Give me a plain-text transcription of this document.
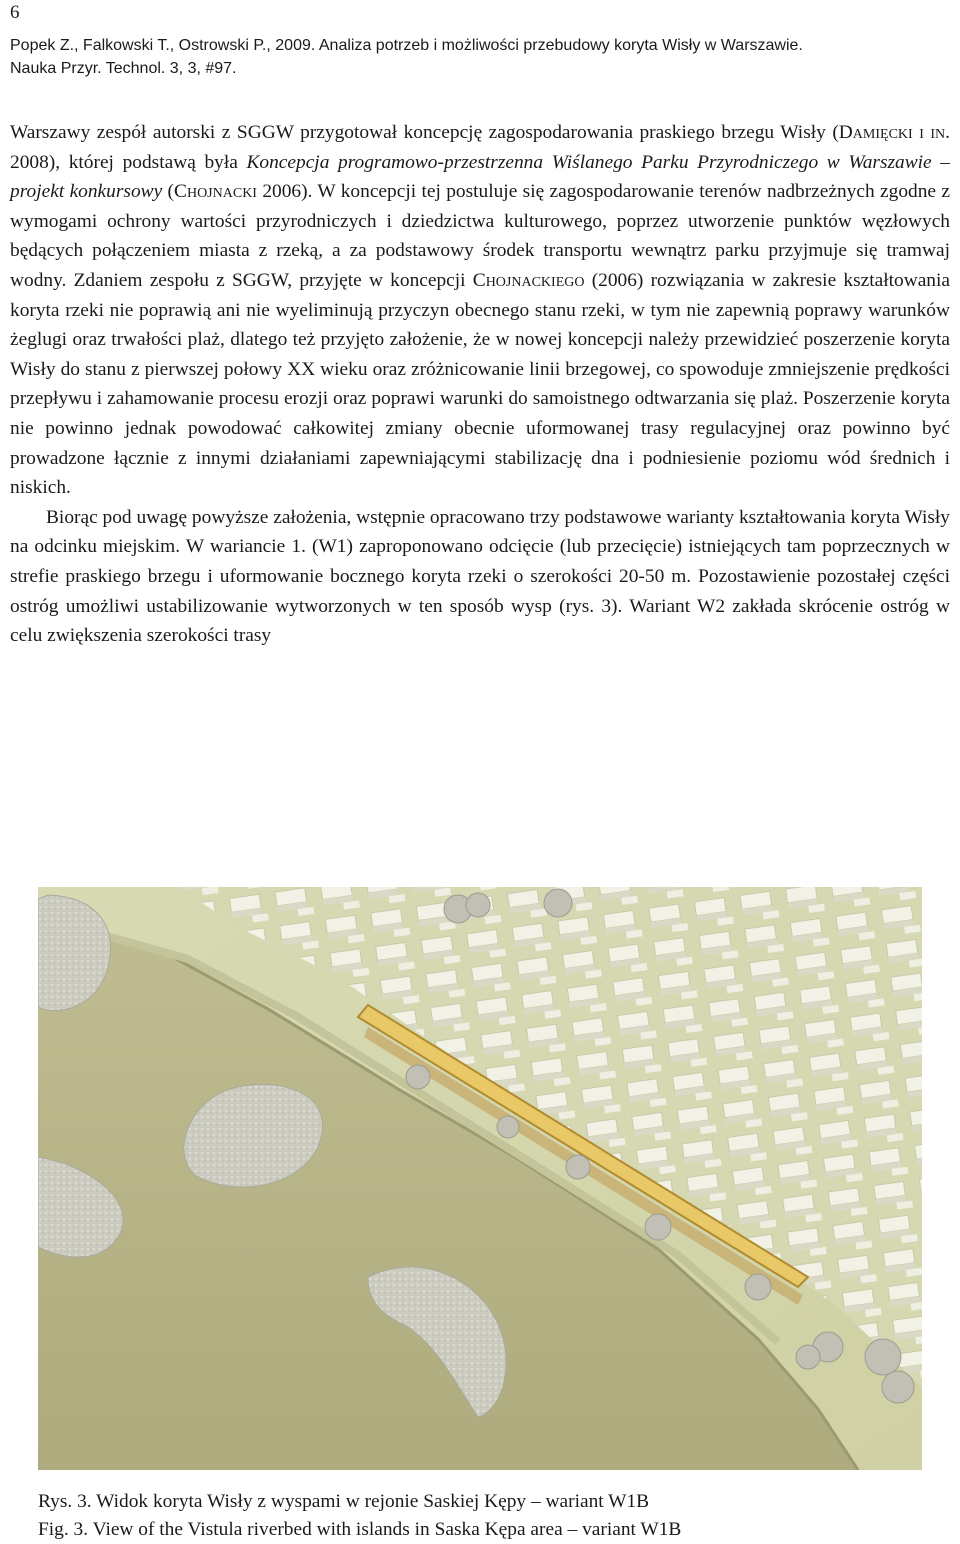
6
Popek Z., Falkowski T., Ostrowski P., 2009. Analiza potrzeb i możliwości przebudowy koryta Wisły w Warszawie.
Nauka Przyr. Technol. 3, 3, #97.

Warszawy zespół autorski z SGGW przygotował koncepcję zagospodarowania praskiego brzegu Wisły (Damięcki i in. 2008), której podstawą była Koncepcja programowo-przestrzenna Wiślanego Parku Przyrodniczego w Warszawie – projekt konkursowy (Chojnacki 2006). W koncepcji tej postuluje się zagospodarowanie terenów nadbrzeżnych zgodne z wymogami ochrony wartości przyrodniczych i dziedzictwa kulturowego, poprzez utworzenie punktów węzłowych będących połączeniem miasta z rzeką, a za podstawowy środek transportu wewnątrz parku przyjmuje się tramwaj wodny. Zdaniem zespołu z SGGW, przyjęte w koncepcji Chojnackiego (2006) rozwiązania w zakresie kształtowania koryta rzeki nie poprawią ani nie wyeliminują przyczyn obecnego stanu rzeki, w tym nie zapewnią poprawy warunków żeglugi oraz trwałości plaż, dlatego też przyjęto założenie, że w nowej koncepcji należy przewidzieć poszerzenie koryta Wisły do stanu z pierwszej połowy XX wieku oraz zróżnicowanie linii brzegowej, co spowoduje zmniejszenie prędkości przepływu i zahamowanie procesu erozji oraz poprawi warunki do samoistnego odtwarzania się plaż. Poszerzenie koryta nie powinno jednak powodować całkowitej zmiany obecnie uformowanej trasy regulacyjnej oraz powinno być prowadzone łącznie z innymi działaniami zapewniającymi stabilizację dna i podniesienie poziomu wód średnich i niskich.

Biorąc pod uwagę powyższe założenia, wstępnie opracowano trzy podstawowe warianty kształtowania koryta Wisły na odcinku miejskim. W wariancie 1. (W1) zaproponowano odcięcie (lub przecięcie) istniejących tam poprzecznych w strefie praskiego brzegu i uformowanie bocznego koryta rzeki o szerokości 20-50 m. Pozostawienie pozostałej części ostróg umożliwi ustabilizowanie wytworzonych w ten sposób wysp (rys. 3). Wariant W2 zakłada skrócenie ostróg w celu zwiększenia szerokości trasy

Rys. 3. Widok koryta Wisły z wyspami w rejonie Saskiej Kępy – wariant W1B
Fig. 3. View of the Vistula riverbed with islands in Saska Kępa area – variant W1B
